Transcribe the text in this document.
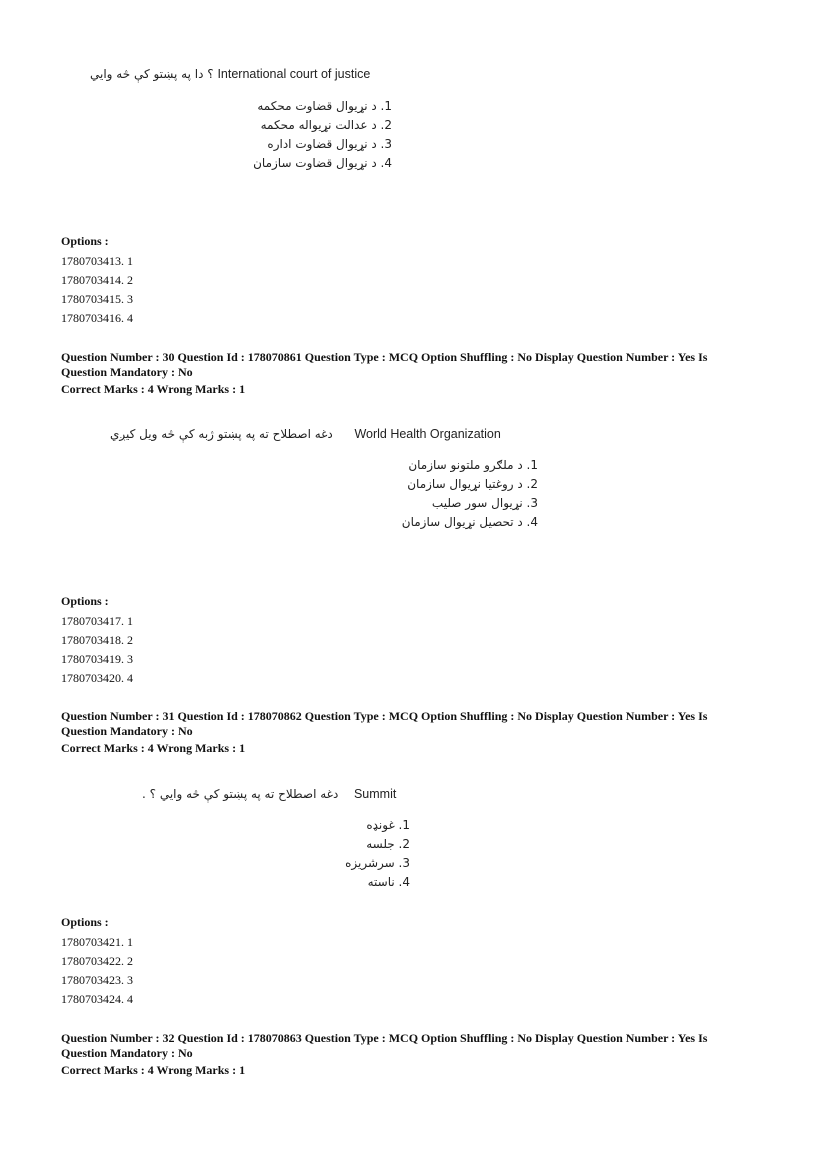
؟ دا په پښتو کې څه وايي International court of justice
1. د نړیوال قضاوت محکمه
2. د عدالت نړیواله محکمه
3. د نړیوال قضاوت اداره
4. د نړیوال قضاوت سازمان
Options :
1780703413. 1
1780703414. 2
1780703415. 3
1780703416. 4
Question Number : 30 Question Id : 178070861 Question Type : MCQ Option Shuffling : No Display Question Number : Yes Is
Question Mandatory : No
Correct Marks : 4 Wrong Marks : 1
دغه اصطلاح ته په پښتو ژبه کې څه ویل کیږي World Health Organization
1. د ملګرو ملتونو سازمان
2. د روغتیا نړیوال سازمان
3. نړیوال سور صلیب
4. د تحصیل نړیوال سازمان
Options :
1780703417. 1
1780703418. 2
1780703419. 3
1780703420. 4
Question Number : 31 Question Id : 178070862 Question Type : MCQ Option Shuffling : No Display Question Number : Yes Is
Question Mandatory : No
Correct Marks : 4 Wrong Marks : 1
دغه اصطلاح ته په پښتو کې څه وايي ؟ . Summit
1. غونډه
2. جلسه
3. سرشریزه
4. ناسته
Options :
1780703421. 1
1780703422. 2
1780703423. 3
1780703424. 4
Question Number : 32 Question Id : 178070863 Question Type : MCQ Option Shuffling : No Display Question Number : Yes Is
Question Mandatory : No
Correct Marks : 4 Wrong Marks : 1
